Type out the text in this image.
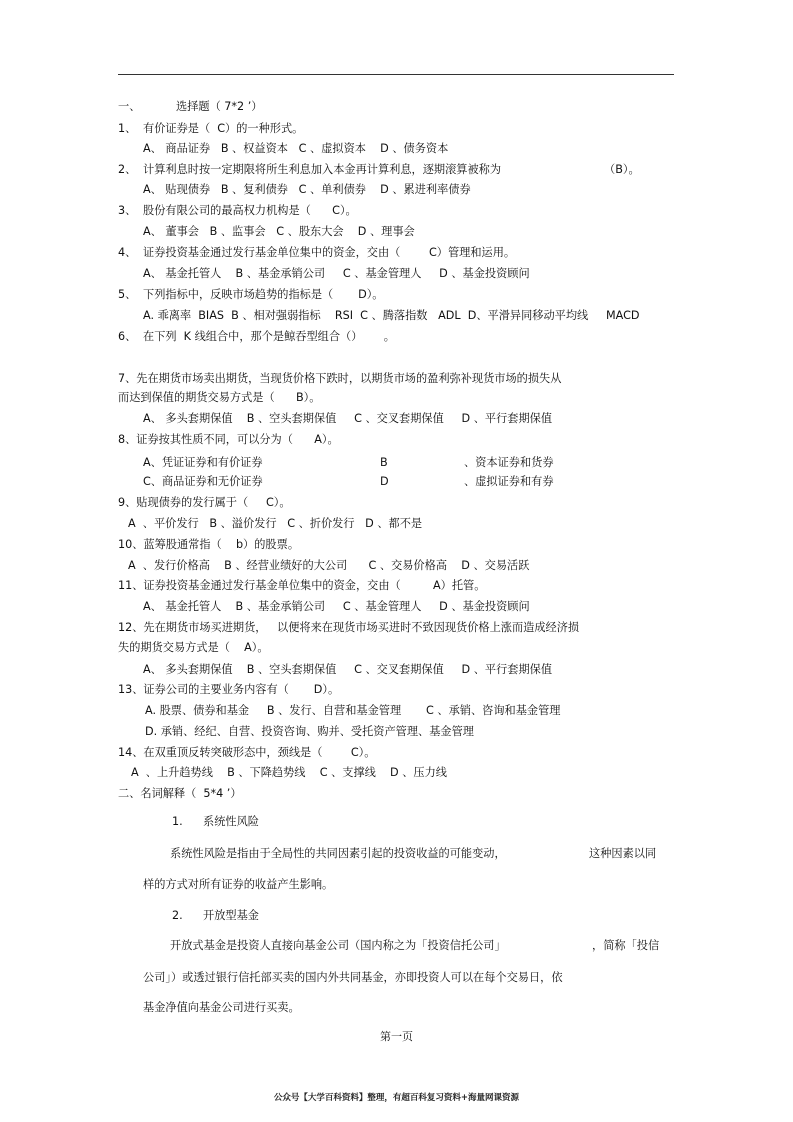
一、	选择题（ 7*2 ’）
1、 有价证券是（  C）的一种形式。
A、 商品证券   B 、权益资本   C 、虚拟资本    D 、债务资本
2、 计算利息时按一定期限将所生利息加入本金再计算利息，逐期滚算被称为	（B）。
A、 贴现债券   B 、复利债券   C 、单利债券    D 、累进利率债券
3、 股份有限公司的最高权力机构是（      C）。
A、 董事会   B 、监事会   C 、股东大会    D 、理事会
4、 证券投资基金通过发行基金单位集中的资金，交由（	C）管理和运用。
A、 基金托管人    B 、基金承销公司     C 、基金管理人     D 、基金投资顾问
5、 下列指标中，反映市场趋势的指标是（       D）。
A. 乖离率  BIAS  B 、相对强弱指标    RSI  C 、腾落指数   ADL  D、平滑异同移动平均线     MACD
6、 在下列  K 线组合中，那个是鲸吞型组合（）      。
7、先在期货市场卖出期货，当现货价格下跌时，以期货市场的盈利弥补现货市场的损失从
而达到保值的期货交易方式是（      B）。
A、 多头套期保值    B 、空头套期保值     C 、交叉套期保值     D 、平行套期保值
8、证券按其性质不同，可以分为（      A）。
A、凭证证券和有价证券	B	、资本证券和货券
C、商品证券和无价证券	D	、虚拟证券和有券
9、贴现债券的发行属于（     C）。
A  、平价发行   B 、溢价发行   C 、折价发行   D 、都不是
10、蓝筹股通常指（    b）的股票。
A  、发行价格高    B 、经营业绩好的大公司      C 、交易价格高    D 、交易活跃
11、证券投资基金通过发行基金单位集中的资金，交由（	A）托管。
A、 基金托管人    B 、基金承销公司     C 、基金管理人     D 、基金投资顾问
12、先在期货市场买进期货， 以便将来在现货市场买进时不致因现货价格上涨而造成经济损
失的期货交易方式是（    A）。
A、 多头套期保值    B 、空头套期保值     C 、交叉套期保值     D 、平行套期保值
13、证券公司的主要业务内容有（       D）。
A. 股票、债券和基金     B 、发行、自营和基金管理       C 、承销、咨询和基金管理
D. 承销、经纪、自营、投资咨询、购并、受托资产管理、基金管理
14、在双重顶反转突破形态中，颈线是（        C）。
A  、上升趋势线    B 、下降趋势线    C 、支撑线    D 、压力线
二、名词解释（  5*4 ’）
1. 系统性风险
系统性风险是指由于全局性的共同因素引起的投资收益的可能变动，	这种因素以同
样的方式对所有证券的收益产生影响。
2. 开放型基金
开放式基金是投资人直接向基金公司（国内称之为「投资信托公司」	，简称「投信
公司」）或透过银行信托部买卖的国内外共同基金，亦即投资人可以在每个交易日，依
基金净值向基金公司进行买卖。
第一页
公众号【大学百科资料】整理，有超百科复习资料+海量网课资源
